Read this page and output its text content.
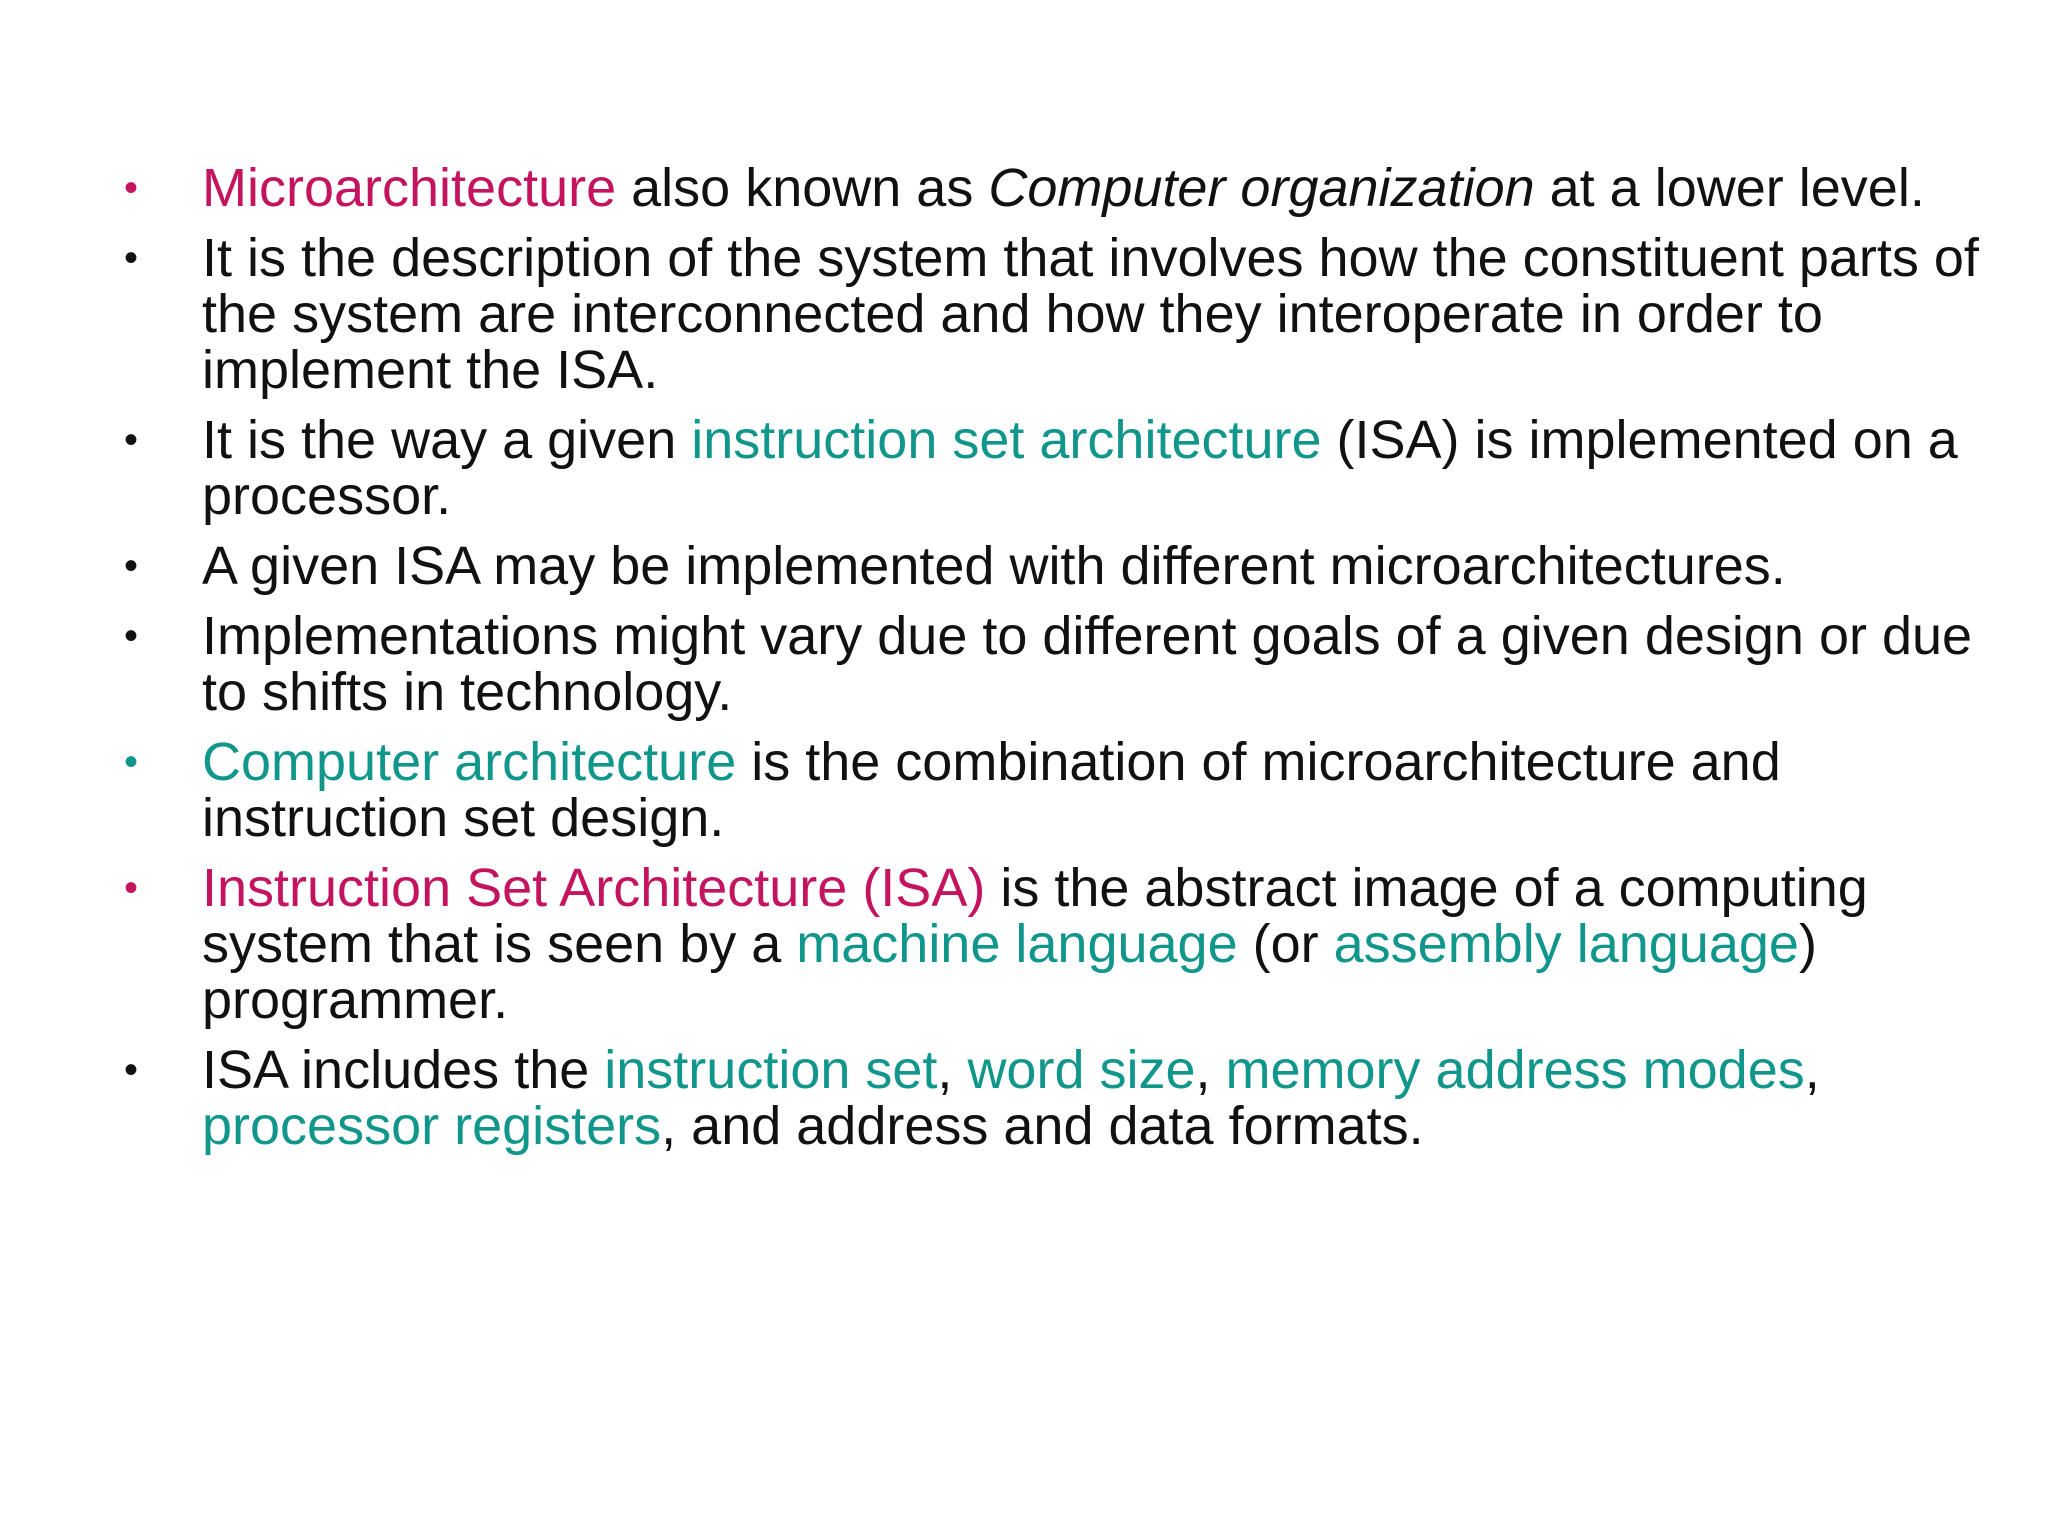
• Microarchitecture also known as Computer organization at a lower level.
• It is the description of the system that involves how the constituent parts of the system are interconnected and how they interoperate in order to implement the ISA.
• It is the way a given instruction set architecture (ISA) is implemented on a processor.
• A given ISA may be implemented with different microarchitectures.
• Implementations might vary due to different goals of a given design or due to shifts in technology.
• Computer architecture is the combination of microarchitecture and instruction set design.
• Instruction Set Architecture (ISA) is the abstract image of a computing system that is seen by a machine language (or assembly language) programmer.
• ISA includes the instruction set, word size, memory address modes, processor registers, and address and data formats.
